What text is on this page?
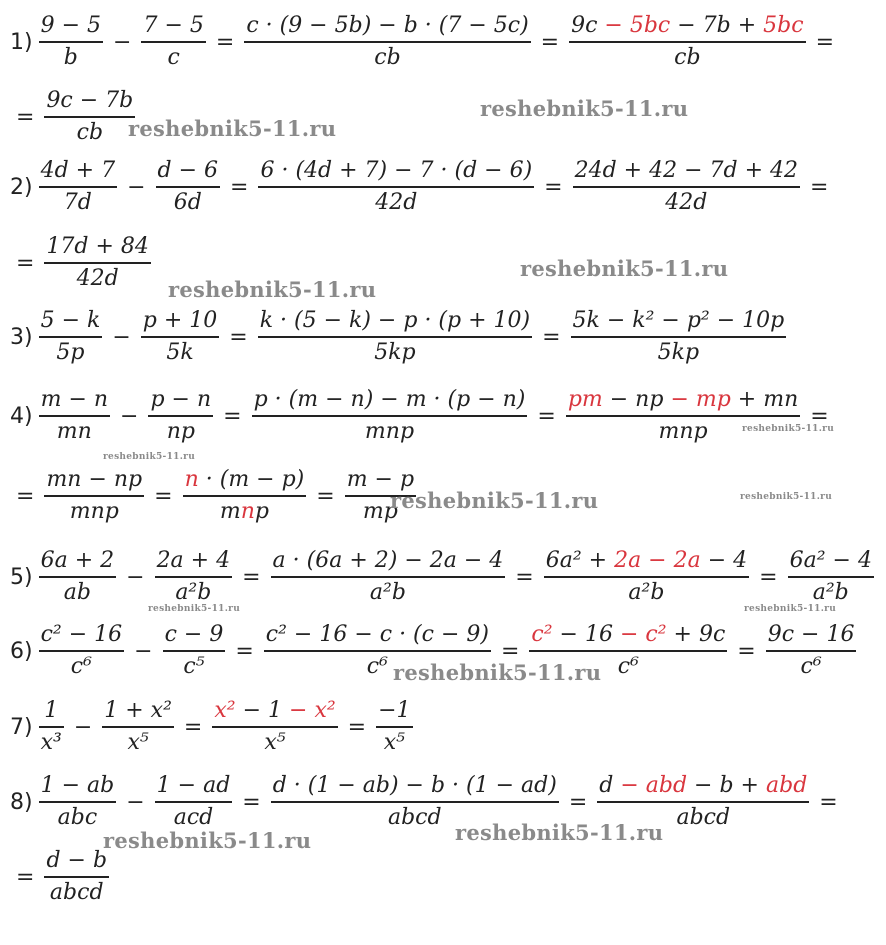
$1) \frac{9 - 5}{b} - \frac{7 - 5}{c} = \frac{c \cdot (9 - 5b) - b \cdot (7 - 5c)}{cb} = \frac{9c - 5bc - 7b + 5bc}{cb}$ =
= $\frac{9c - 7b}{cb}$
$2) \frac{4d + 7}{7d} - \frac{d - 6}{6d} = \frac{6 \cdot (4d + 7) - 7 \cdot (d - 6)}{42d} = \frac{24d + 42 - 7d + 42}{42d}$ =
= $\frac{17d + 84}{42d}$
$3) \frac{5 - k}{5p} - \frac{p + 10}{5k} = \frac{k \cdot (5 - k) - p \cdot (p + 10)}{5kp} = \frac{\text{5k − k² − p² − 10p}}{5kp}$
$4) \frac{m - n}{mn} - \frac{p - n}{np} = \frac{p \cdot (m - n) - m \cdot (p - n)}{\text{mnp}} = \frac{pm - np - mp + mn}{\text{mnp}}$ =
= $\frac{mn - np}{\text{mnp}} = \frac{n \cdot (m - p)}{\text{mnp}} = \frac{m - p}{mp}$
$5) \frac{6a + 2}{ab} - \frac{2a + 4}{\text{a²b}} = \frac{a \cdot (6a + 2) - 2a - 4}{\text{a²b}} = \frac{\text{6a² + 2a − 2a − 4}}{\text{a²b}} = \frac{\text{6a² − 4}}{\text{a²b}}$
$6) \frac{\text{c² − 16}}{\text{c⁶}} - \frac{c - 9}{\text{c⁵}} = \frac{\text{c² − 16 − c · (c − 9)}}{\text{c⁶}} = \frac{\text{c² − 16 − c² + 9c}}{\text{c⁶}} = \frac{9c - 16}{\text{c⁶}}$
$7) \frac{1}{\text{x³}} - \frac{\text{1 + x²}}{\text{x⁵}} = \frac{\text{x² − 1 − x²}}{\text{x⁵}} = \frac{-1}{\text{x⁵}}$
$8) \frac{1 - ab}{\text{abc}} - \frac{1 - ad}{\text{acd}} = \frac{d \cdot (1 - ab) - b \cdot (1 - ad)}{\text{abcd}} = \frac{\text{d − abd − b + abd}}{\text{abcd}}$ =
= $\frac{d - b}{\text{abcd}}$
reshebnik5-11.ru
reshebnik5-11.ru
reshebnik5-11.ru
reshebnik5-11.ru
reshebnik5-11.ru
reshebnik5-11.ru
reshebnik5-11.ru	reshebnik5-11.ru
reshebnik5-11.ru	reshebnik5-11.ru
reshebnik5-11.ru
reshebnik5-11.ru
reshebnik5-11.ru
